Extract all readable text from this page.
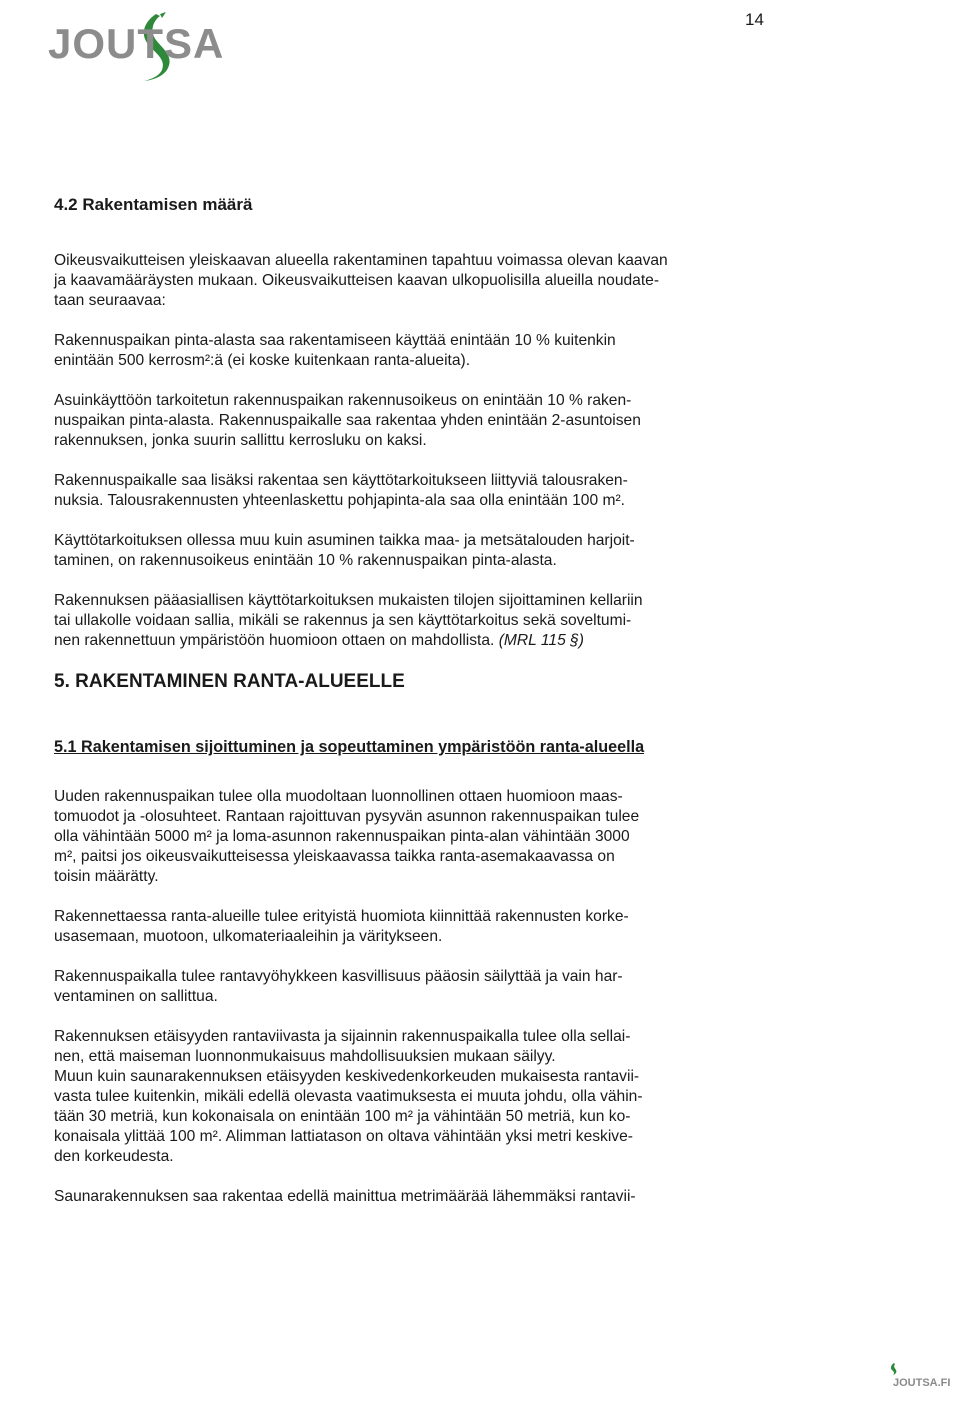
14
JOUTSA
4.2 Rakentamisen määrä

Oikeusvaikutteisen yleiskaavan alueella rakentaminen tapahtuu voimassa olevan kaavan
ja kaavamääräysten mukaan. Oikeusvaikutteisen kaavan ulkopuolisilla alueilla noudate-
taan seuraavaa:

Rakennuspaikan pinta-alasta saa rakentamiseen käyttää enintään 10 % kuitenkin
enintään 500 kerrosm²:ä (ei koske kuitenkaan ranta-alueita).

Asuinkäyttöön tarkoitetun rakennuspaikan rakennusoikeus on enintään 10 % raken-
nuspaikan pinta-alasta. Rakennuspaikalle saa rakentaa yhden enintään 2-asuntoisen
rakennuksen, jonka suurin sallittu kerrosluku on kaksi.

Rakennuspaikalle saa lisäksi rakentaa sen käyttötarkoitukseen liittyviä talousraken-
nuksia. Talousrakennusten yhteenlaskettu pohjapinta-ala saa olla enintään 100 m².

Käyttötarkoituksen ollessa muu kuin asuminen taikka maa- ja metsätalouden harjoit-
taminen, on rakennusoikeus enintään 10 % rakennuspaikan pinta-alasta.

Rakennuksen pääasiallisen käyttötarkoituksen mukaisten tilojen sijoittaminen kellariin
tai ullakolle voidaan sallia, mikäli se rakennus ja sen käyttötarkoitus sekä soveltumi-
nen rakennettuun ympäristöön huomioon ottaen on mahdollista. (MRL 115 §)

5. RAKENTAMINEN RANTA-ALUEELLE
5.1 Rakentamisen sijoittuminen ja sopeuttaminen ympäristöön ranta-alueella

Uuden rakennuspaikan tulee olla muodoltaan luonnollinen ottaen huomioon maas-
tomuodot ja -olosuhteet. Rantaan rajoittuvan pysyvän asunnon rakennuspaikan tulee
olla vähintään 5000 m² ja loma-asunnon rakennuspaikan pinta-alan vähintään 3000
m², paitsi jos oikeusvaikutteisessa yleiskaavassa taikka ranta-asemakaavassa on
toisin määrätty.

Rakennettaessa ranta-alueille tulee erityistä huomiota kiinnittää rakennusten korke-
usasemaan, muotoon, ulkomateriaaleihin ja väritykseen.

Rakennuspaikalla tulee rantavyöhykkeen kasvillisuus pääosin säilyttää ja vain har-
ventaminen on sallittua.

Rakennuksen etäisyyden rantaviivasta ja sijainnin rakennuspaikalla tulee olla sellai-
nen, että maiseman luonnonmukaisuus mahdollisuuksien mukaan säilyy.

Muun kuin saunarakennuksen etäisyyden keskivedenkorkeuden mukaisesta rantavii-
vasta tulee kuitenkin, mikäli edellä olevasta vaatimuksesta ei muuta johdu, olla vähin-
tään 30 metriä, kun kokonaisala on enintään 100 m² ja vähintään 50 metriä, kun ko-
konaisala ylittää 100 m². Alimman lattiatason on oltava vähintään yksi metri keskive-
den korkeudesta.

Saunarakennuksen saa rakentaa edellä mainittua metrimäärää lähemmäksi rantavii-

JOUTSA.FI
